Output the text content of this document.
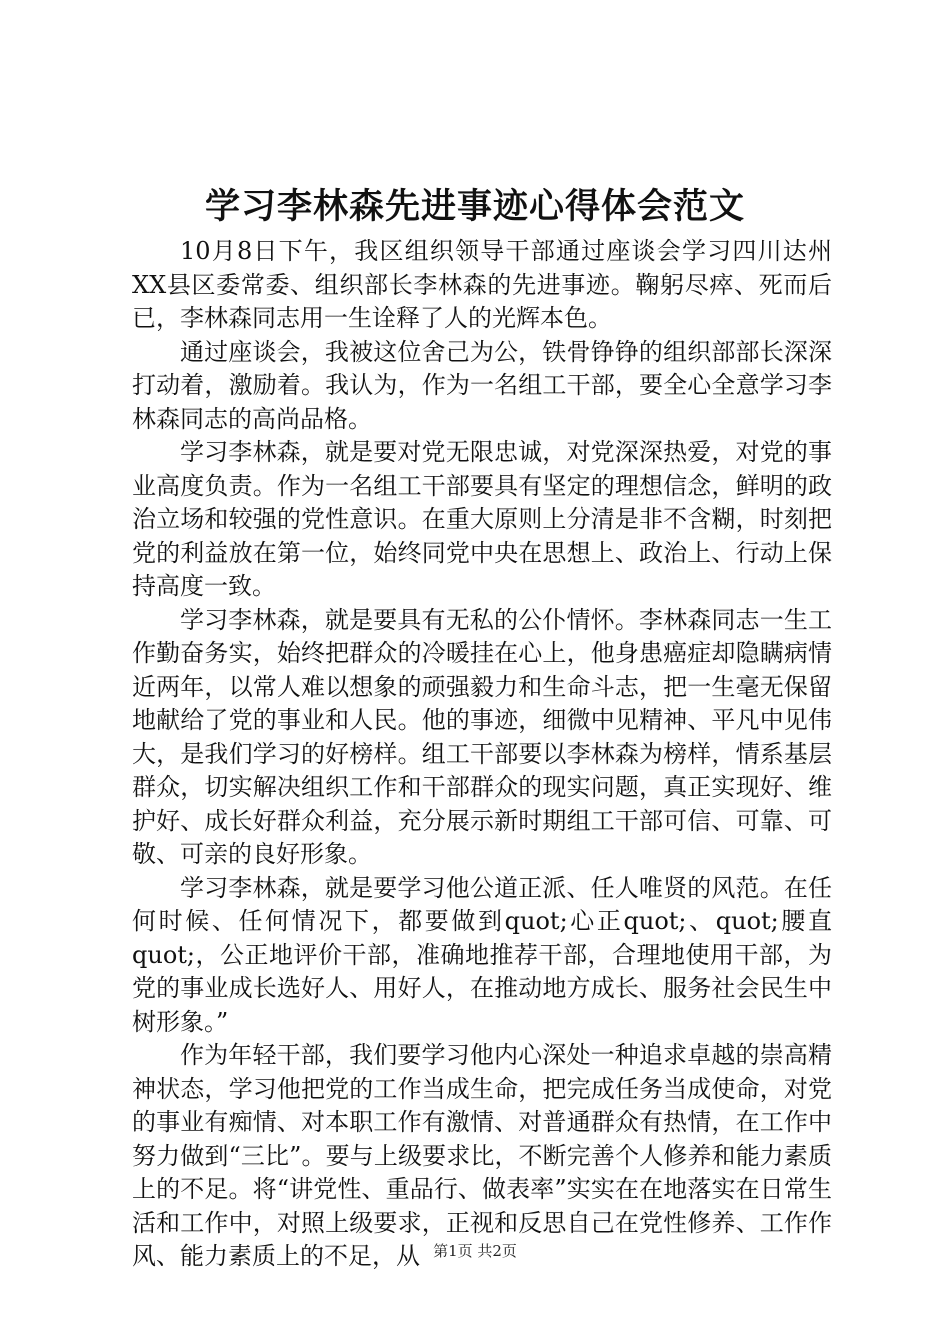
学习李林森先进事迹心得体会范文

10月8日下午，我区组织领导干部通过座谈会学习四川达州XX县区委常委、组织部长李林森的先进事迹。鞠躬尽瘁、死而后已，李林森同志用一生诠释了人的光辉本色。

通过座谈会，我被这位舍己为公，铁骨铮铮的组织部部长深深打动着，激励着。我认为，作为一名组工干部，要全心全意学习李林森同志的高尚品格。

学习李林森，就是要对党无限忠诚，对党深深热爱，对党的事业高度负责。作为一名组工干部要具有坚定的理想信念，鲜明的政治立场和较强的党性意识。在重大原则上分清是非不含糊，时刻把党的利益放在第一位，始终同党中央在思想上、政治上、行动上保持高度一致。

学习李林森，就是要具有无私的公仆情怀。李林森同志一生工作勤奋务实，始终把群众的冷暖挂在心上，他身患癌症却隐瞒病情近两年，以常人难以想象的顽强毅力和生命斗志，把一生毫无保留地献给了党的事业和人民。他的事迹，细微中见精神、平凡中见伟大，是我们学习的好榜样。组工干部要以李林森为榜样，情系基层群众，切实解决组织工作和干部群众的现实问题，真正实现好、维护好、成长好群众利益，充分展示新时期组工干部可信、可靠、可敬、可亲的良好形象。

学习李林森，就是要学习他公道正派、任人唯贤的风范。在任何时候、任何情况下，都要做到quot;心正quot;、quot;腰直quot;，公正地评价干部，准确地推荐干部，合理地使用干部，为党的事业成长选好人、用好人，在推动地方成长、服务社会民生中树形象。”

作为年轻干部，我们要学习他内心深处一种追求卓越的崇高精神状态，学习他把党的工作当成生命，把完成任务当成使命，对党的事业有痴情、对本职工作有激情、对普通群众有热情，在工作中努力做到“三比”。要与上级要求比，不断完善个人修养和能力素质上的不足。将“讲党性、重品行、做表率”实实在在地落实在日常生活和工作中，对照上级要求，正视和反思自己在党性修养、工作作风、能力素质上的不足，从 第1页 共2页
